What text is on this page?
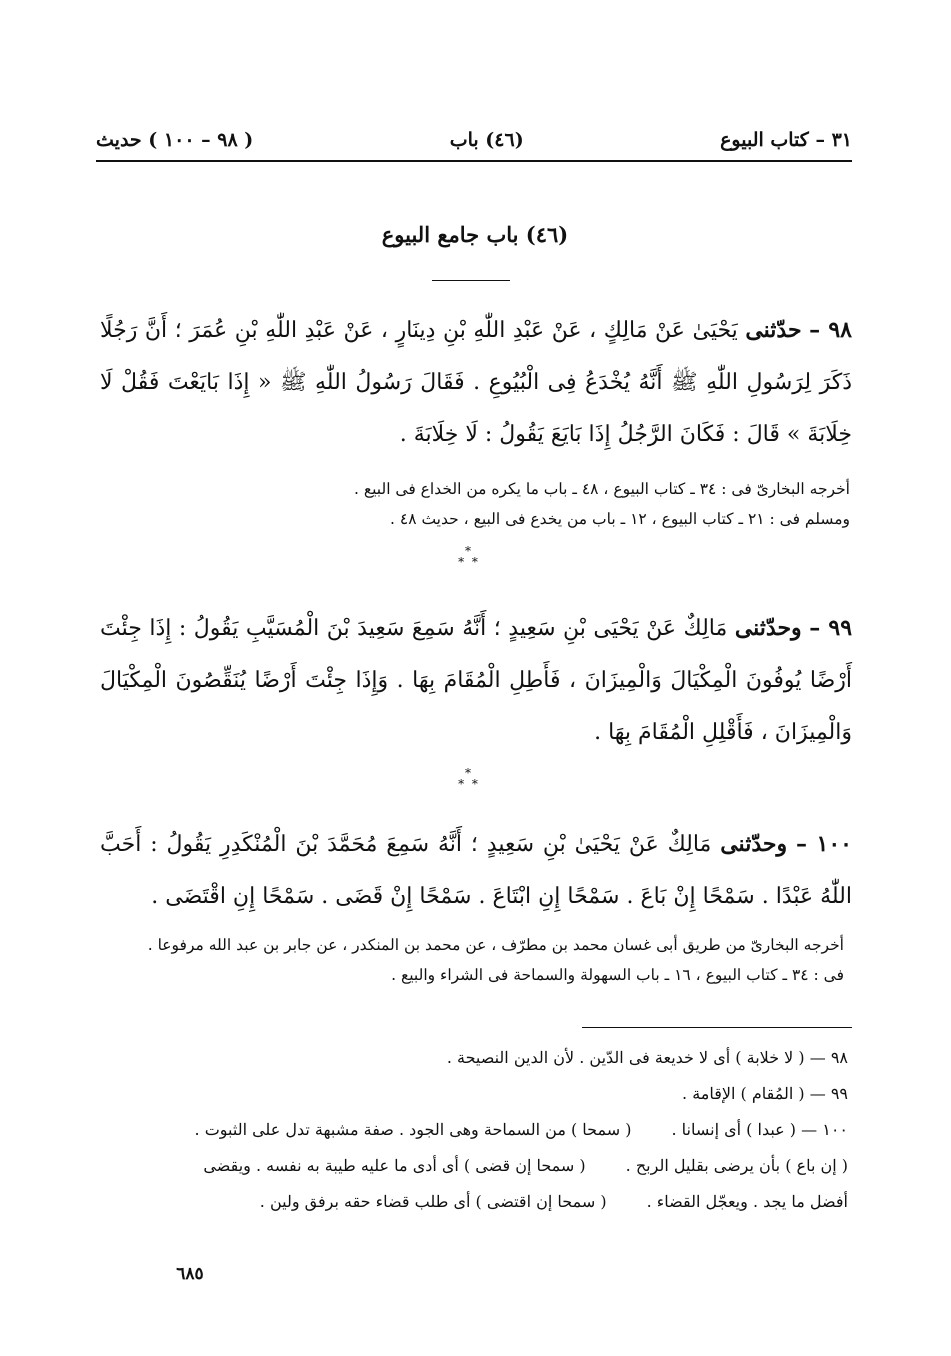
٣١ – كتاب البيوع
(٤٦) باب
( ٩٨ – ١٠٠ ) حديث
(٤٦) باب جامع البيوع

٩٨ – حدّثنى يَحْيَىٰ عَنْ مَالِكٍ ، عَنْ عَبْدِ اللّٰهِ بْنِ دِينَارٍ ، عَنْ عَبْدِ اللّٰهِ بْنِ عُمَرَ ؛ أَنَّ رَجُلًا ذَكَرَ لِرَسُولِ اللّٰهِ ﷺ أَنَّهُ يُخْدَعُ فِى الْبُيُوعِ . فَقَالَ رَسُولُ اللّٰهِ ﷺ « إِذَا بَايَعْتَ فَقُلْ لَا خِلَابَةَ » قَالَ : فَكَانَ الرَّجُلُ إِذَا بَايَعَ يَقُولُ : لَا خِلَابَةَ .

أخرجه البخارىّ فى : ٣٤ ـ كتاب البيوع ، ٤٨ ـ باب ما يكره من الخداع فى البيع .

ومسلم فى : ٢١ ـ كتاب البيوع ، ١٢ ـ باب من يخدع فى البيع ، حديث ٤٨ .

*
*  *

٩٩ – وحدّثنى مَالِكٌ عَنْ يَحْيَى بْنِ سَعِيدٍ ؛ أَنَّهُ سَمِعَ سَعِيدَ بْنَ الْمُسَيَّبِ يَقُولُ : إِذَا جِئْتَ أَرْضًا يُوفُونَ الْمِكْيَالَ وَالْمِيزَانَ ، فَأَطِلِ الْمُقَامَ بِهَا . وَإِذَا جِئْتَ أَرْضًا يُنَقِّصُونَ الْمِكْيَالَ وَالْمِيزَانَ ، فَأَقْلِلِ الْمُقَامَ بِهَا .

*
*  *

١٠٠ – وحدّثنى مَالِكٌ عَنْ يَحْيَىٰ بْنِ سَعِيدٍ ؛ أَنَّهُ سَمِعَ مُحَمَّدَ بْنَ الْمُنْكَدِرِ يَقُولُ : أَحَبَّ اللّٰهُ عَبْدًا . سَمْحًا إِنْ بَاعَ . سَمْحًا إِنِ ابْتَاعَ . سَمْحًا إِنْ قَضَى . سَمْحًا إِنِ اقْتَضَى .

أخرجه البخارىّ من طريق أبى غسان محمد بن مطرّف ، عن محمد بن المنكدر ، عن جابر بن عبد الله مرفوعا .

فى : ٣٤ ـ كتاب البيوع ، ١٦ ـ باب السهولة والسماحة فى الشراء والبيع .

٩٨ — ( لا خلابة ) أى لا خديعة فى الدّين . لأن الدين النصيحة .

٩٩ — ( المُقام ) الإقامة .

١٠٠ — ( عبدا ) أى إنسانا .( سمحا ) من السماحة وهى الجود . صفة مشبهة تدل على الثبوت .

( إن باع ) بأن يرضى بقليل الربح .( سمحا إن قضى ) أى أدى ما عليه طيبة به نفسه . ويقضى

أفضل ما يجد . ويعجّل القضاء .( سمحا إن اقتضى ) أى طلب قضاء حقه برفق ولين .

٦٨٥
